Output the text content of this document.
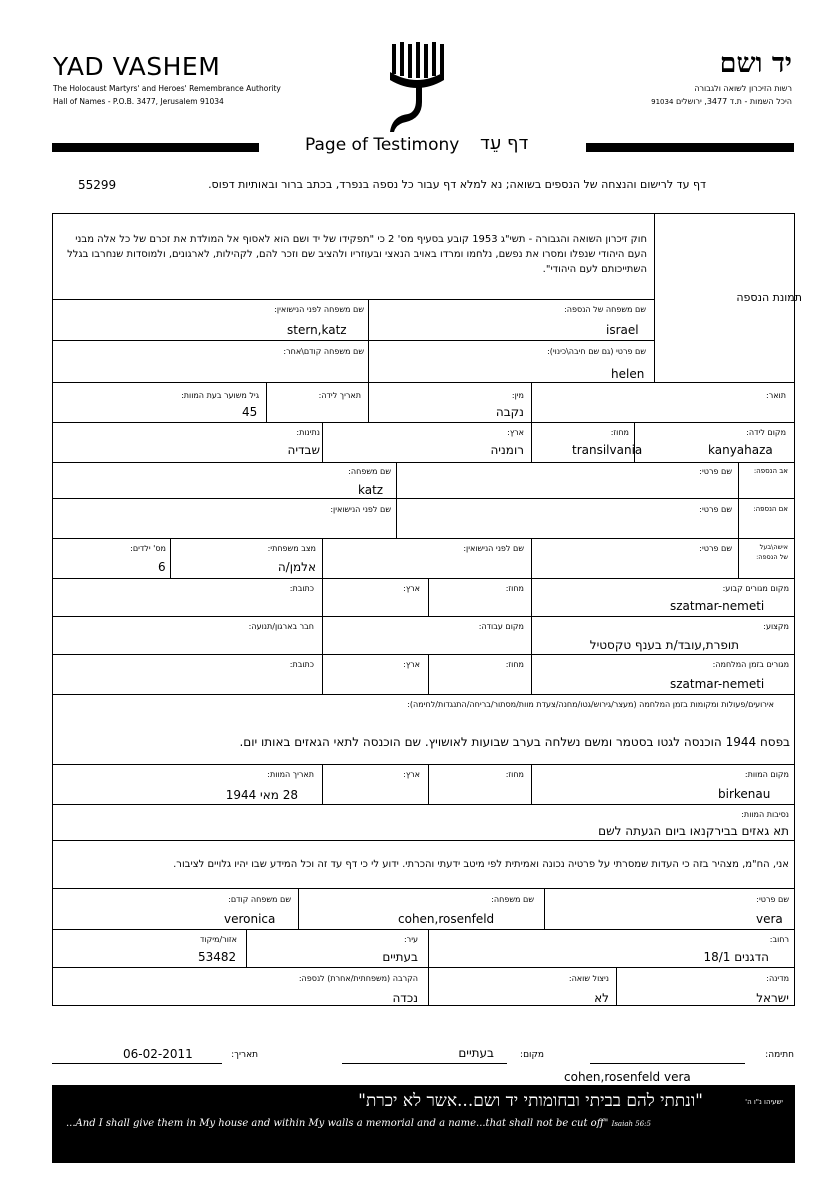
YAD VASHEM
The Holocaust Martyrs' and Heroes' Remembrance Authority
Hall of Names - P.O.B. 3477, Jerusalem 91034
יד ושם
רשות הזיכרון לשואה ולגבורה
היכל השמות - ת.ד 3477, ירושלים 91034
Page of Testimony דף עֵד
דף עד לרישום והנצחה של הנספים בשואה; נא למלא דף עבור כל נספה בנפרד, בכתב ברור ובאותיות דפוס.
55299
חוק זיכרון השואה והגבורה - תשי"ג 1953 קובע בסעיף מס' 2 כי "תפקידו של יד ושם הוא לאסוף אל המולדת את זכרם של כל אלה מבני העם היהודי שנפלו ומסרו את נפשם, נלחמו ומרדו באויב הנאצי ובעוזריו ולהציב שם וזכר להם, לקהילות, לארגונים, ולמוסדות שנחרבו בגלל השתייכותם לעם היהודי".
תמונת הנספה
שם משפחה של הנספה:
israel
שם משפחה לפני הנישואין:
stern,katz
שם פרטי (גם שם חיבה\כינוי):
helen
שם משפחה קודם\אחר:
תואר:
מין:
נקבה
תאריך לידה:
גיל משוער בעת המוות:
45
מקום לידה:
kanyahaza
מחוז:
transilvania
ארץ:
רומניה
נתינות:
שבדיה
אב הנספה:
שם פרטי:
שם משפחה:
katz
אם הנספה:
שם פרטי:
שם לפני הנישואין:
אישה\בעל
של הנספה:
שם פרטי:
שם לפני הנישואין:
מצב משפחתי:
אלמן/ה
מס' ילדים:
6
מקום מגורים קבוע:
szatmar-nemeti
מחוז:
ארץ:
כתובת:
מקצוע:
תופרת,עובד/ת בענף טקסטיל
מקום עבודה:
חבר בארגון/תנועה:
מגורים בזמן המלחמה:
szatmar-nemeti
מחוז:
ארץ:
כתובת:
אירועים/פעולות ומקומות בזמן המלחמה (מעצר/גירוש/גטו/מחנה/צעדת מוות/מסתור/בריחה/התנגדות/לחימה):
בפסח 1944 הוכנסה לגטו בסטמר ומשם נשלחה בערב שבועות לאושויץ. שם הוכנסה לתאי הגאזים באותו יום.
מקום המוות:
birkenau
מחוז:
ארץ:
תאריך המוות:
28 מאי 1944
נסיבות המוות:
תא גאזים בבירקנאו ביום הגעתה לשם
אני, הח"מ, מצהיר בזה כי העדות שמסרתי על פרטיה נכונה ואמיתית לפי מיטב ידעתי והכרתי. ידוע לי כי דף עד זה וכל המידע שבו יהיו גלויים לציבור.
שם פרטי:
vera
שם משפחה:
cohen,rosenfeld
שם משפחה קודם:
veronica
רחוב:
הדגנים 18/1
עיר:
בעתיים
אזור/מיקוד
53482
מדינה:
ישראל
ניצול שואה:
לא
הקרבה (משפחתית/אחרת) לנספה:
נכדה
חתימה:
cohen,rosenfeld vera
מקום:
בעתיים
תאריך:
06-02-2011
"ונתתי להם בביתי ובחומותי יד ושם...אשר לא יכרת"	ישעיהו נ"ו ה'
...And I shall give them in My house and within My walls a memorial and a name...that shall not be cut off" Isaiah 56:5
